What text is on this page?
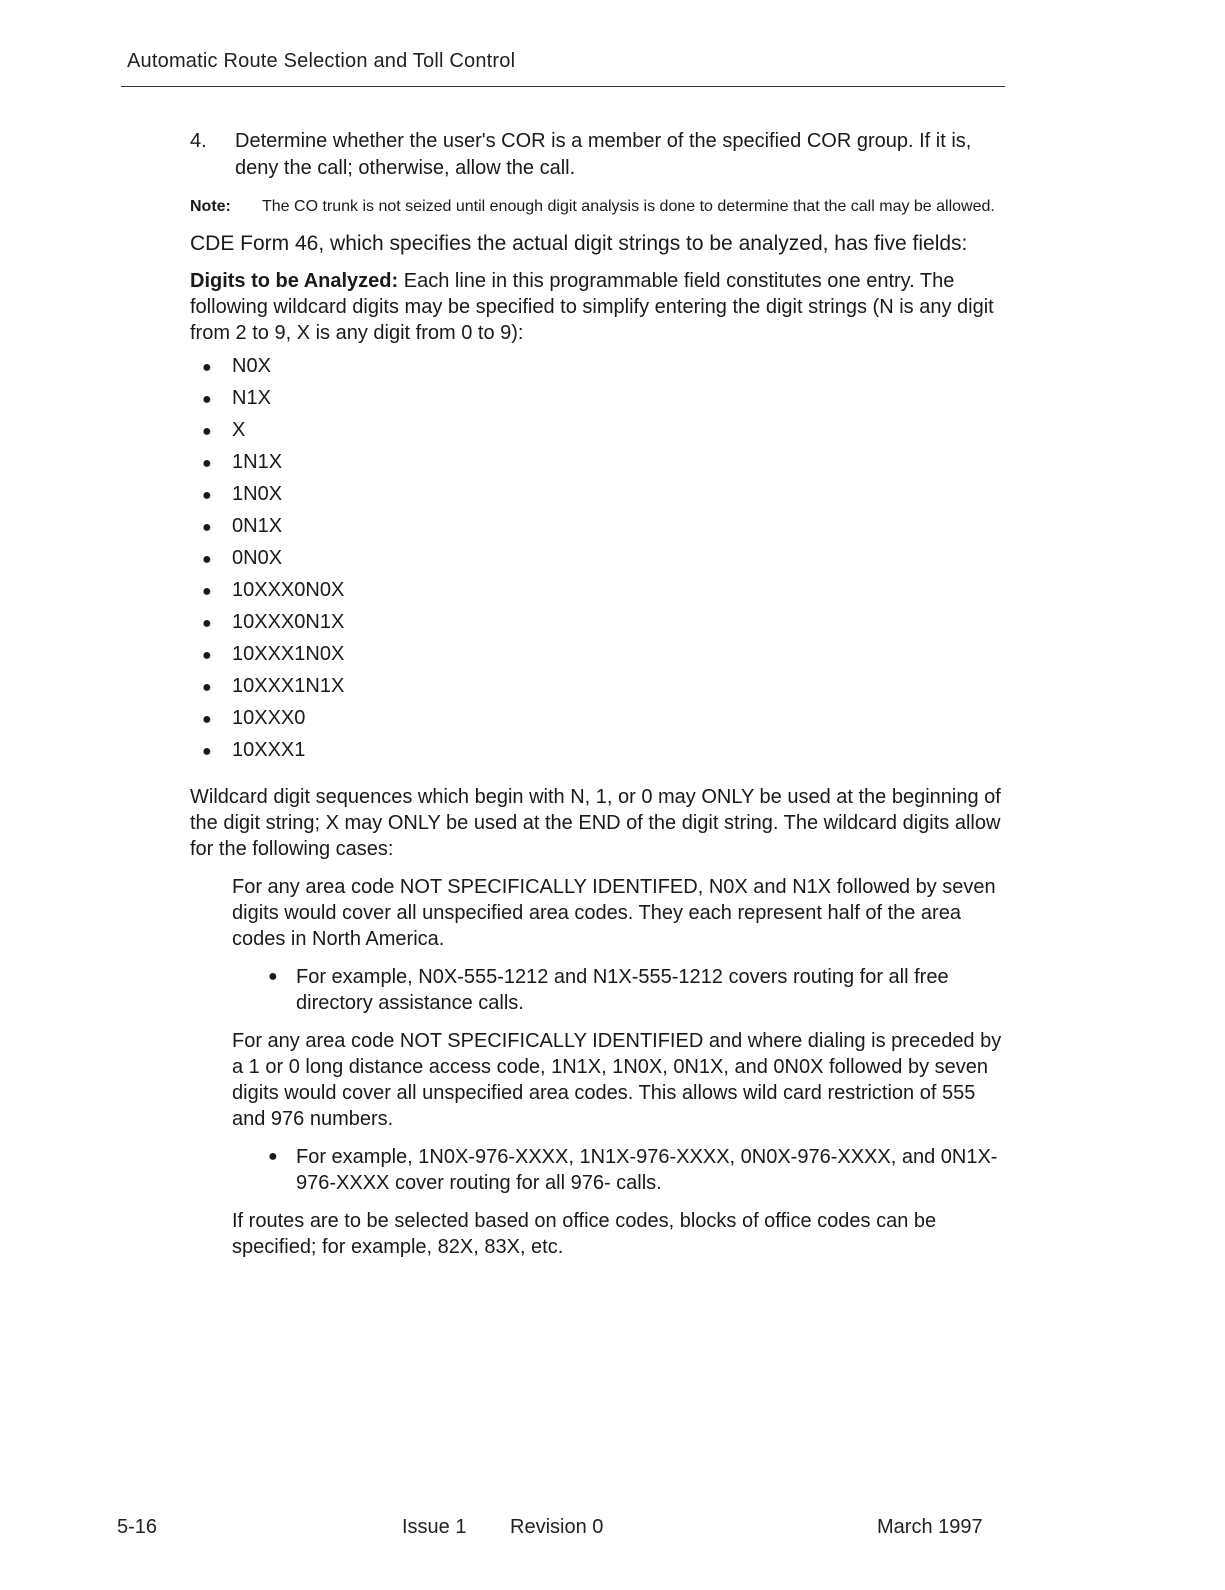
Automatic Route Selection and Toll Control
4.	Determine whether the user's COR is a member of the specified COR group. If it is, deny the call; otherwise, allow the call.
Note:	The CO trunk is not seized until enough digit analysis is done to determine that the call may be allowed.
CDE Form 46, which specifies the actual digit strings to be analyzed, has five fields:
Digits to be Analyzed: Each line in this programmable field constitutes one entry. The following wildcard digits may be specified to simplify entering the digit strings (N is any digit from 2 to 9, X is any digit from 0 to 9):
●	N0X
●	N1X
●	X
●	1N1X
●	1N0X
●	0N1X
●	0N0X
●	10XXX0N0X
●	10XXX0N1X
●	10XXX1N0X
●	10XXX1N1X
●	10XXX0
●	10XXX1
Wildcard digit sequences which begin with N, 1, or 0 may ONLY be used at the beginning of the digit string; X may ONLY be used at the END of the digit string. The wildcard digits allow for the following cases:
For any area code NOT SPECIFICALLY IDENTIFED, N0X and N1X followed by seven digits would cover all unspecified area codes. They each represent half of the area codes in North America.
● For example, N0X-555-1212 and N1X-555-1212 covers routing for all free directory assistance calls.
For any area code NOT SPECIFICALLY IDENTIFIED and where dialing is preceded by a 1 or 0 long distance access code, 1N1X, 1N0X, 0N1X, and 0N0X followed by seven digits would cover all unspecified area codes. This allows wild card restriction of 555 and 976 numbers.
● For example, 1N0X-976-XXXX, 1N1X-976-XXXX, 0N0X-976-XXXX, and 0N1X-976-XXXX cover routing for all 976- calls.
If routes are to be selected based on office codes, blocks of office codes can be specified; for example, 82X, 83X, etc.
5-16	Issue 1 Revision 0	March 1997
